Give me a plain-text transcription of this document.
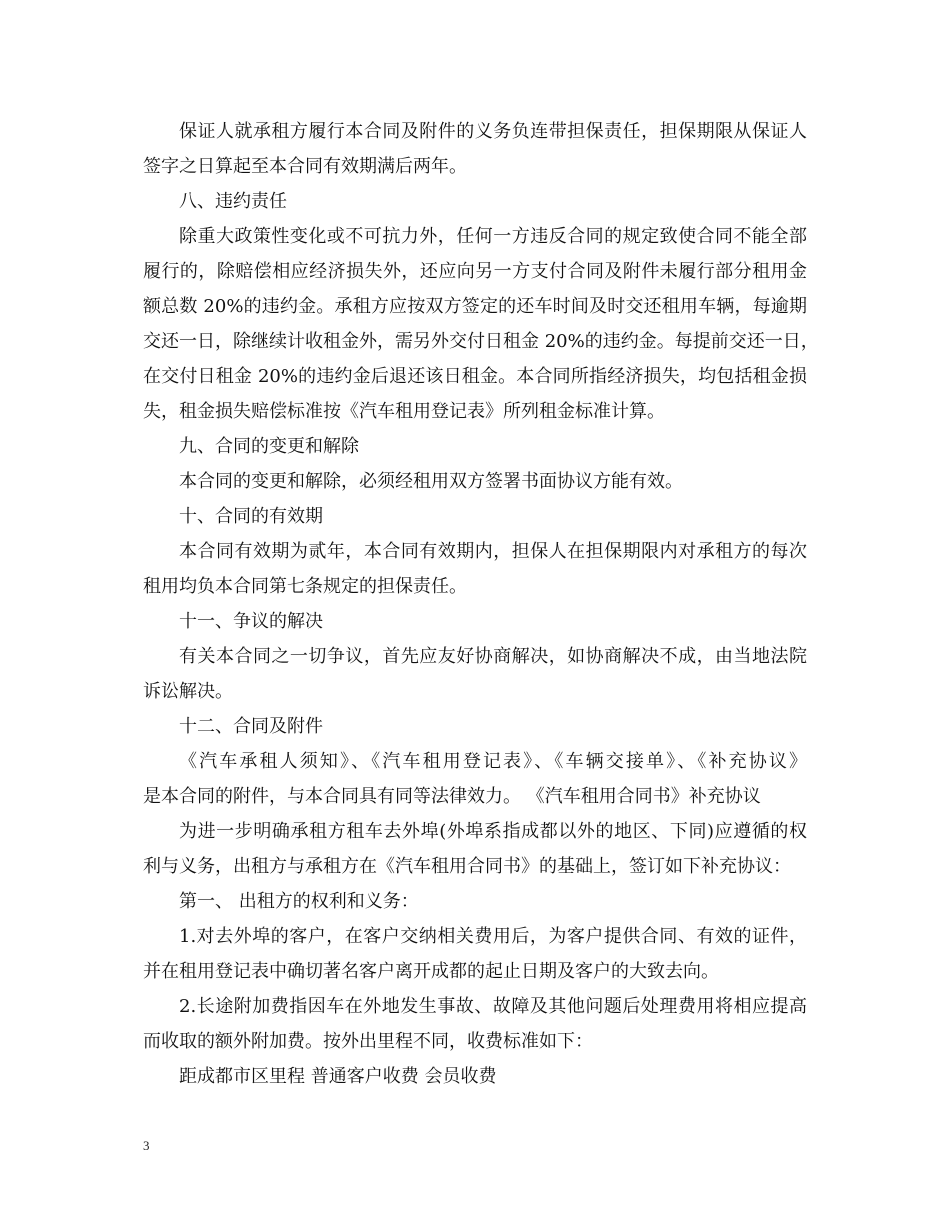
保证人就承租方履行本合同及附件的义务负连带担保责任，担保期限从保证人
签字之日算起至本合同有效期满后两年。
八、违约责任
除重大政策性变化或不可抗力外，任何一方违反合同的规定致使合同不能全部
履行的，除赔偿相应经济损失外，还应向另一方支付合同及附件未履行部分租用金
额总数 20%的违约金。承租方应按双方签定的还车时间及时交还租用车辆，每逾期
交还一日，除继续计收租金外，需另外交付日租金 20%的违约金。每提前交还一日，
在交付日租金 20%的违约金后退还该日租金。本合同所指经济损失，均包括租金损
失，租金损失赔偿标准按《汽车租用登记表》所列租金标准计算。
九、合同的变更和解除
本合同的变更和解除，必须经租用双方签署书面协议方能有效。
十、合同的有效期
本合同有效期为贰年，本合同有效期内，担保人在担保期限内对承租方的每次
租用均负本合同第七条规定的担保责任。
十一、争议的解决
有关本合同之一切争议，首先应友好协商解决，如协商解决不成，由当地法院
诉讼解决。
十二、合同及附件
《汽车承租人须知》、《汽车租用登记表》、《车辆交接单》、《补充协议》
是本合同的附件，与本合同具有同等法律效力。 《汽车租用合同书》补充协议
为进一步明确承租方租车去外埠(外埠系指成都以外的地区、下同)应遵循的权
利与义务，出租方与承租方在《汽车租用合同书》的基础上，签订如下补充协议：
第一、 出租方的权利和义务：
1.对去外埠的客户，在客户交纳相关费用后，为客户提供合同、有效的证件，
并在租用登记表中确切著名客户离开成都的起止日期及客户的大致去向。
2.长途附加费指因车在外地发生事故、故障及其他问题后处理费用将相应提高
而收取的额外附加费。按外出里程不同，收费标准如下：
距成都市区里程 普通客户收费 会员收费
3
